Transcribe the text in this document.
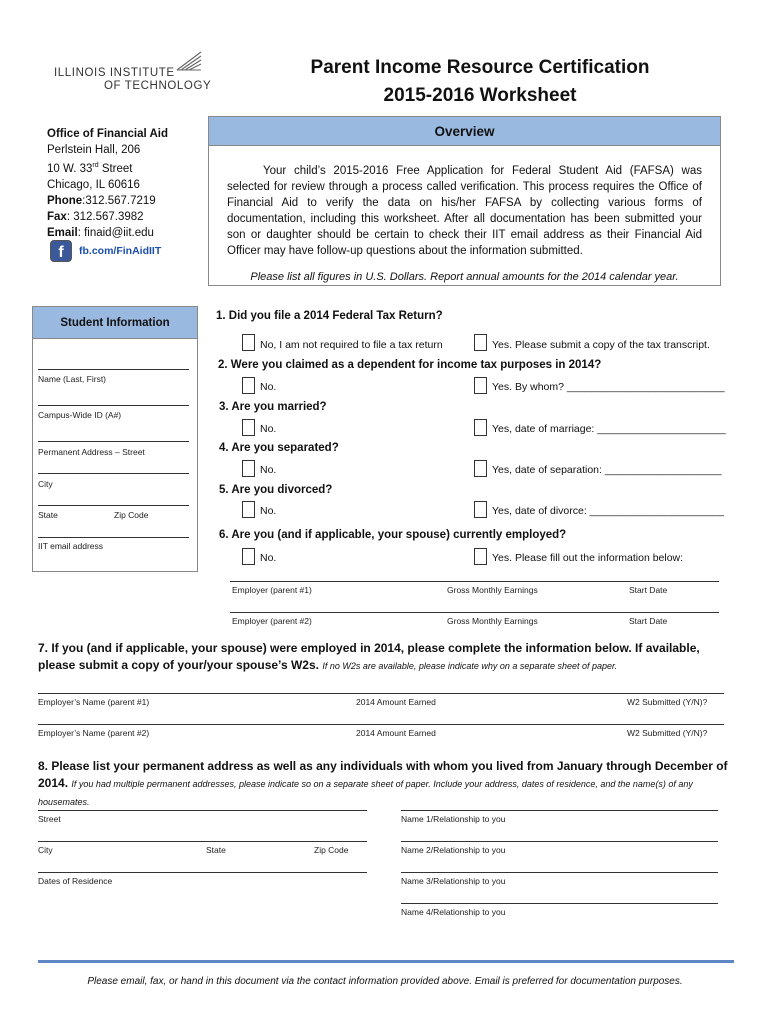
ILLINOIS INSTITUTE
OF TECHNOLOGY
Parent Income Resource Certification
2015-2016 Worksheet
Office of Financial Aid
Perlstein Hall, 206
10 W. 33rd Street
Chicago, IL 60616
Phone:312.567.7219
Fax: 312.567.3982
Email: finaid@iit.edu
f	fb.com/FinAidIIT
Overview
Your child’s 2015-2016 Free Application for Federal Student Aid (FAFSA) was selected for review through a process called verification. This process requires the Office of Financial Aid to verify the data on his/her FAFSA by collecting various forms of documentation, including this worksheet. After all documentation has been submitted your son or daughter should be certain to check their IIT email address as their Financial Aid Officer may have follow-up questions about the information submitted.
Please list all figures in U.S. Dollars. Report annual amounts for the 2014 calendar year.
Student Information
Name (Last, First)
Campus-Wide ID (A#)
Permanent Address – Street
City
State	Zip Code
IIT email address
1. Did you file a 2014 Federal Tax Return?
No, I am not required to file a tax return	Yes. Please submit a copy of the tax transcript.
2. Were you claimed as a dependent for income tax purposes in 2014?
No.	Yes. By whom? ___________________________
3. Are you married?
No.	Yes, date of marriage: ______________________
4. Are you separated?
No.	Yes, date of separation: ____________________
5. Are you divorced?
No.	Yes, date of divorce: _______________________
6. Are you (and if applicable, your spouse) currently employed?
No.	Yes. Please fill out the information below:
Employer (parent #1)	Gross Monthly Earnings	Start Date
Employer (parent #2)	Gross Monthly Earnings	Start Date
7. If you (and if applicable, your spouse) were employed in 2014, please complete the information below. If available, please submit a copy of your/your spouse’s W2s. If no W2s are available, please indicate why on a separate sheet of paper.
Employer’s Name (parent #1)	2014 Amount Earned	W2 Submitted (Y/N)?
Employer’s Name (parent #2)	2014 Amount Earned	W2 Submitted (Y/N)?
8. Please list your permanent address as well as any individuals with whom you lived from January through December of 2014. If you had multiple permanent addresses, please indicate so on a separate sheet of paper. Include your address, dates of residence, and the name(s) of any housemates.
Street
City	State	Zip Code
Dates of Residence
Name 1/Relationship to you
Name 2/Relationship to you
Name 3/Relationship to you
Name 4/Relationship to you
Please email, fax, or hand in this document via the contact information provided above. Email is preferred for documentation purposes.
